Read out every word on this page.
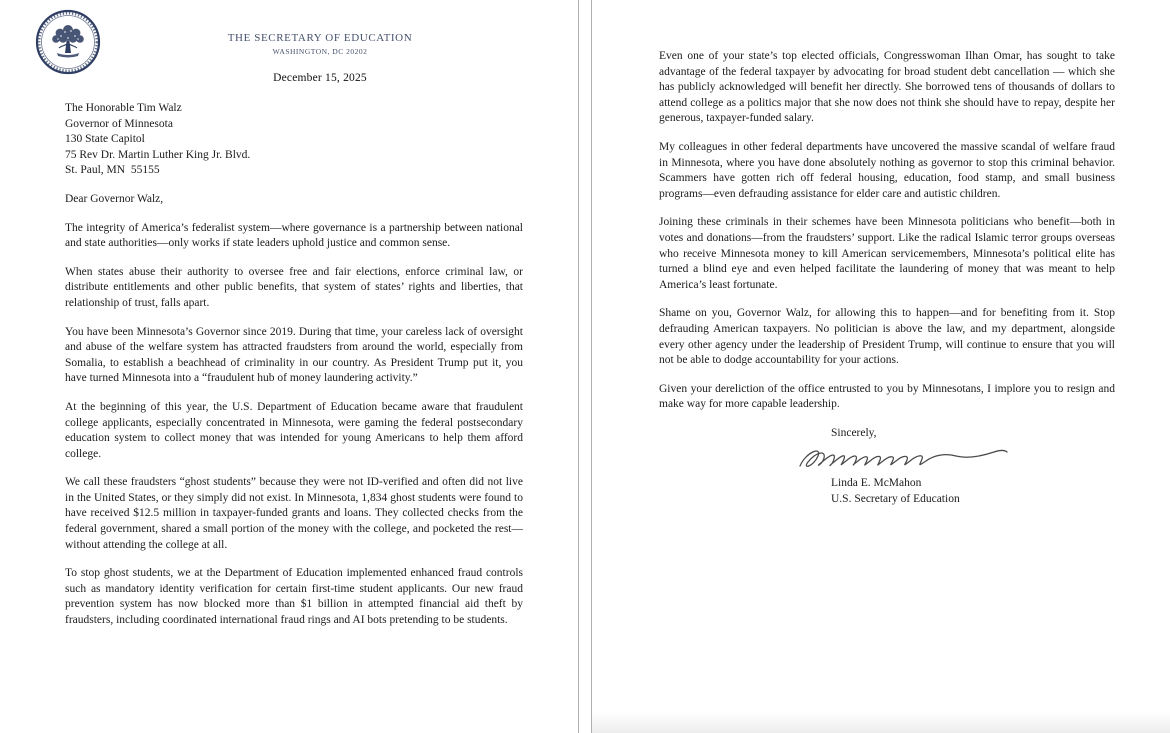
THE SECRETARY OF EDUCATION
WASHINGTON, DC 20202
December 15, 2025
The Honorable Tim Walz
Governor of Minnesota
130 State Capitol
75 Rev Dr. Martin Luther King Jr. Blvd.
St. Paul, MN  55155

Dear Governor Walz,

The integrity of America’s federalist system—where governance is a partnership between national and state authorities—only works if state leaders uphold justice and common sense.

When states abuse their authority to oversee free and fair elections, enforce criminal law, or distribute entitlements and other public benefits, that system of states’ rights and liberties, that relationship of trust, falls apart.

You have been Minnesota’s Governor since 2019. During that time, your careless lack of oversight and abuse of the welfare system has attracted fraudsters from around the world, especially from Somalia, to establish a beachhead of criminality in our country. As President Trump put it, you have turned Minnesota into a “fraudulent hub of money laundering activity.”

At the beginning of this year, the U.S. Department of Education became aware that fraudulent college applicants, especially concentrated in Minnesota, were gaming the federal postsecondary education system to collect money that was intended for young Americans to help them afford college.

We call these fraudsters “ghost students” because they were not ID-verified and often did not live in the United States, or they simply did not exist. In Minnesota, 1,834 ghost students were found to have received $12.5 million in taxpayer-funded grants and loans. They collected checks from the federal government, shared a small portion of the money with the college, and pocketed the rest—without attending the college at all.

To stop ghost students, we at the Department of Education implemented enhanced fraud controls such as mandatory identity verification for certain first-time student applicants. Our new fraud prevention system has now blocked more than $1 billion in attempted financial aid theft by fraudsters, including coordinated international fraud rings and AI bots pretending to be students.

Even one of your state’s top elected officials, Congresswoman Ilhan Omar, has sought to take advantage of the federal taxpayer by advocating for broad student debt cancellation — which she has publicly acknowledged will benefit her directly. She borrowed tens of thousands of dollars to attend college as a politics major that she now does not think she should have to repay, despite her generous, taxpayer-funded salary.

My colleagues in other federal departments have uncovered the massive scandal of welfare fraud in Minnesota, where you have done absolutely nothing as governor to stop this criminal behavior. Scammers have gotten rich off federal housing, education, food stamp, and small business programs—even defrauding assistance for elder care and autistic children.

Joining these criminals in their schemes have been Minnesota politicians who benefit—both in votes and donations—from the fraudsters’ support. Like the radical Islamic terror groups overseas who receive Minnesota money to kill American servicemembers, Minnesota’s political elite has turned a blind eye and even helped facilitate the laundering of money that was meant to help America’s least fortunate.

Shame on you, Governor Walz, for allowing this to happen—and for benefiting from it. Stop defrauding American taxpayers. No politician is above the law, and my department, alongside every other agency under the leadership of President Trump, will continue to ensure that you will not be able to dodge accountability for your actions.

Given your dereliction of the office entrusted to you by Minnesotans, I implore you to resign and make way for more capable leadership.

Sincerely,
Linda E. McMahon
U.S. Secretary of Education
